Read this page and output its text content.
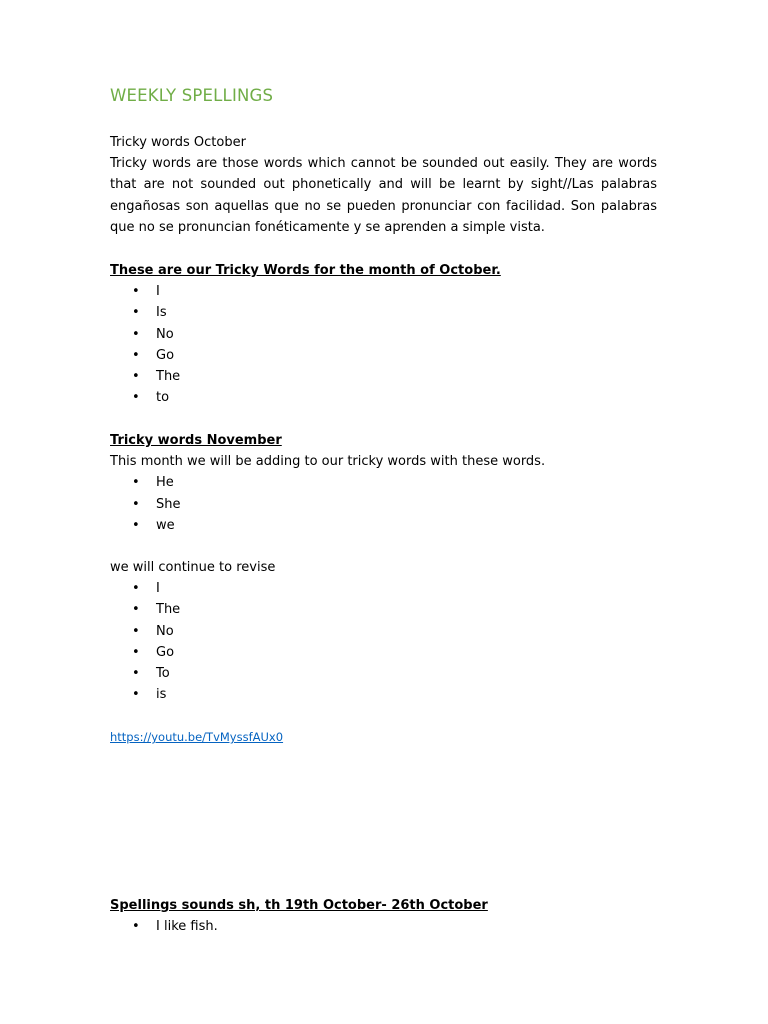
WEEKLY SPELLINGS

Tricky words October

Tricky words are those words which cannot be sounded out easily. They are words that are not sounded out phonetically and will be learnt by sight//Las palabras engañosas son aquellas que no se pueden pronunciar con facilidad. Son palabras que no se pronuncian fonéticamente y se aprenden a simple vista.

These are our Tricky Words for the month of October.

• I
• Is
• No
• Go
• The
• to

Tricky words November

This month we will be adding to our tricky words with these words.

• He
• She
• we

we will continue to revise

• I
• The
• No
• Go
• To
• is
https://youtu.be/TvMyssfAUx0

Spellings sounds sh, th 19th October- 26th October

• I like fish.
